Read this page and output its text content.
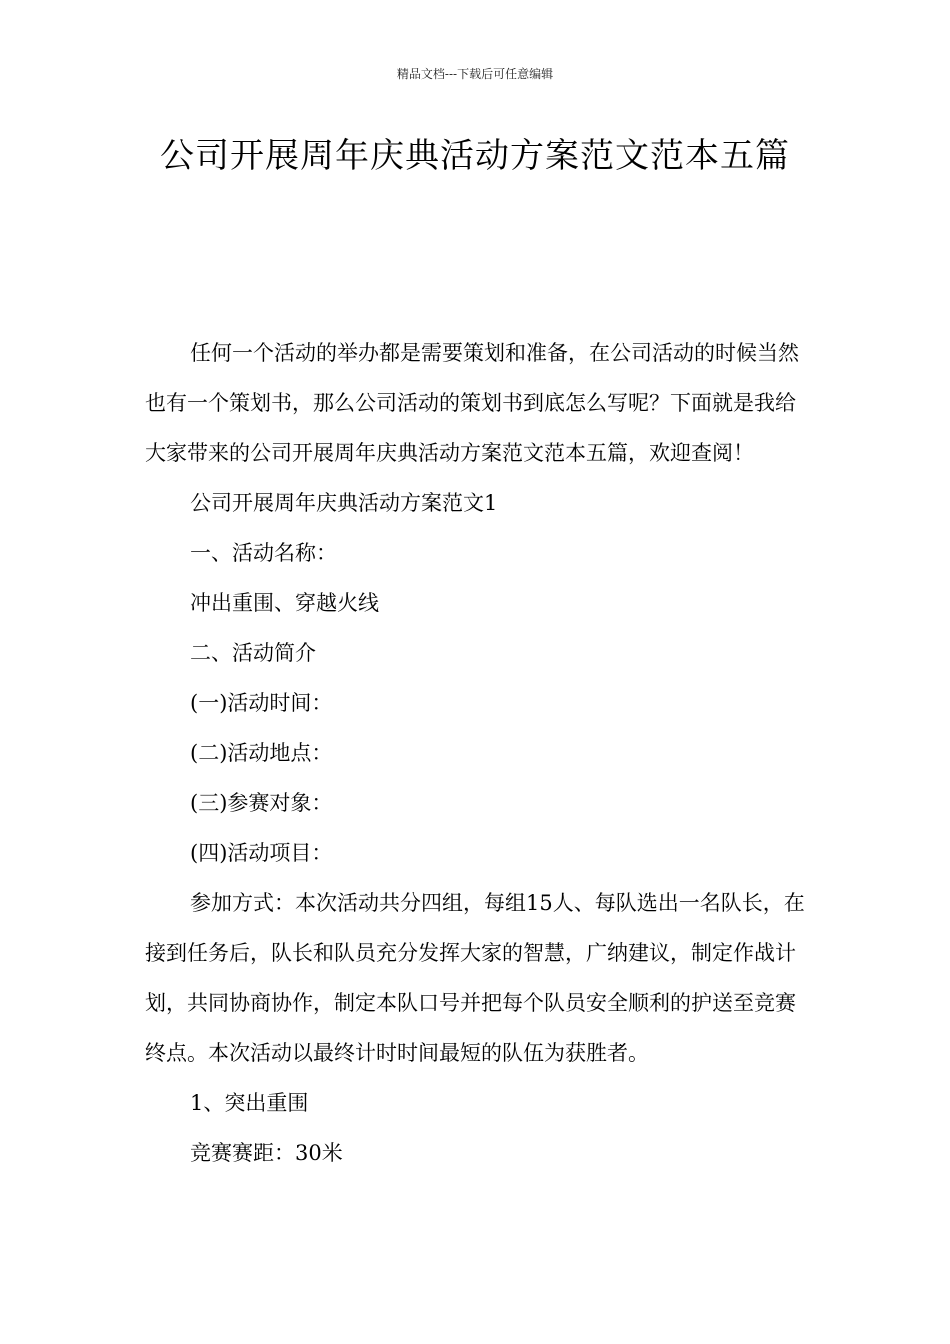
精品文档---下载后可任意编辑
公司开展周年庆典活动方案范文范本五篇

任何一个活动的举办都是需要策划和准备，在公司活动的时候当然也有一个策划书，那么公司活动的策划书到底怎么写呢？下面就是我给大家带来的公司开展周年庆典活动方案范文范本五篇，欢迎查阅！

公司开展周年庆典活动方案范文1

一、活动名称：

冲出重围、穿越火线

二、活动简介

(一)活动时间：

(二)活动地点：

(三)参赛对象：

(四)活动项目：

参加方式：本次活动共分四组，每组15人、每队选出一名队长，在接到任务后，队长和队员充分发挥大家的智慧，广纳建议，制定作战计划，共同协商协作，制定本队口号并把每个队员安全顺利的护送至竞赛终点。本次活动以最终计时时间最短的队伍为获胜者。

1、突出重围

竞赛赛距：30米
